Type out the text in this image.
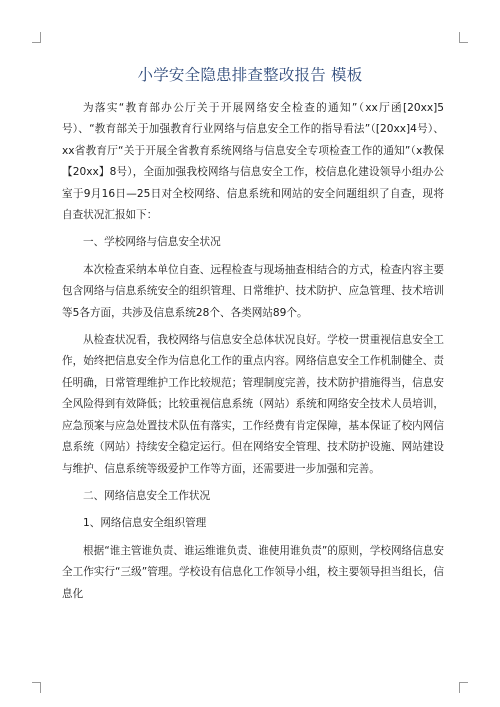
小学安全隐患排查整改报告 模板

为落实“教育部办公厅关于开展网络安全检查的通知”（xx厅函[20xx]5号）、“教育部关于加强教育行业网络与信息安全工作的指导看法”（[20xx]4号）、xx省教育厅“关于开展全省教育系统网络与信息安全专项检查工作的通知”（x教保【20xx】8号），全面加强我校网络与信息安全工作，校信息化建设领导小组办公室于9月16日—25日对全校网络、信息系统和网站的安全问题组织了自查，现将自查状况汇报如下：

一、学校网络与信息安全状况

本次检查采纳本单位自查、远程检查与现场抽查相结合的方式，检查内容主要包含网络与信息系统安全的组织管理、日常维护、技术防护、应急管理、技术培训等5各方面，共涉及信息系统28个、各类网站89个。

从检查状况看，我校网络与信息安全总体状况良好。学校一贯重视信息安全工作，始终把信息安全作为信息化工作的重点内容。网络信息安全工作机制健全、责任明确，日常管理维护工作比较规范；管理制度完善，技术防护措施得当，信息安全风险得到有效降低；比较重视信息系统（网站）系统和网络安全技术人员培训，应急预案与应急处置技术队伍有落实，工作经费有肯定保障，基本保证了校内网信息系统（网站）持续安全稳定运行。但在网络安全管理、技术防护设施、网站建设与维护、信息系统等级爱护工作等方面，还需要进一步加强和完善。

二、网络信息安全工作状况

1、网络信息安全组织管理

根据“谁主管谁负责、谁运维谁负责、谁使用谁负责”的原则，学校网络信息安全工作实行“三级”管理。学校设有信息化工作领导小组，校主要领导担当组长，信息化
